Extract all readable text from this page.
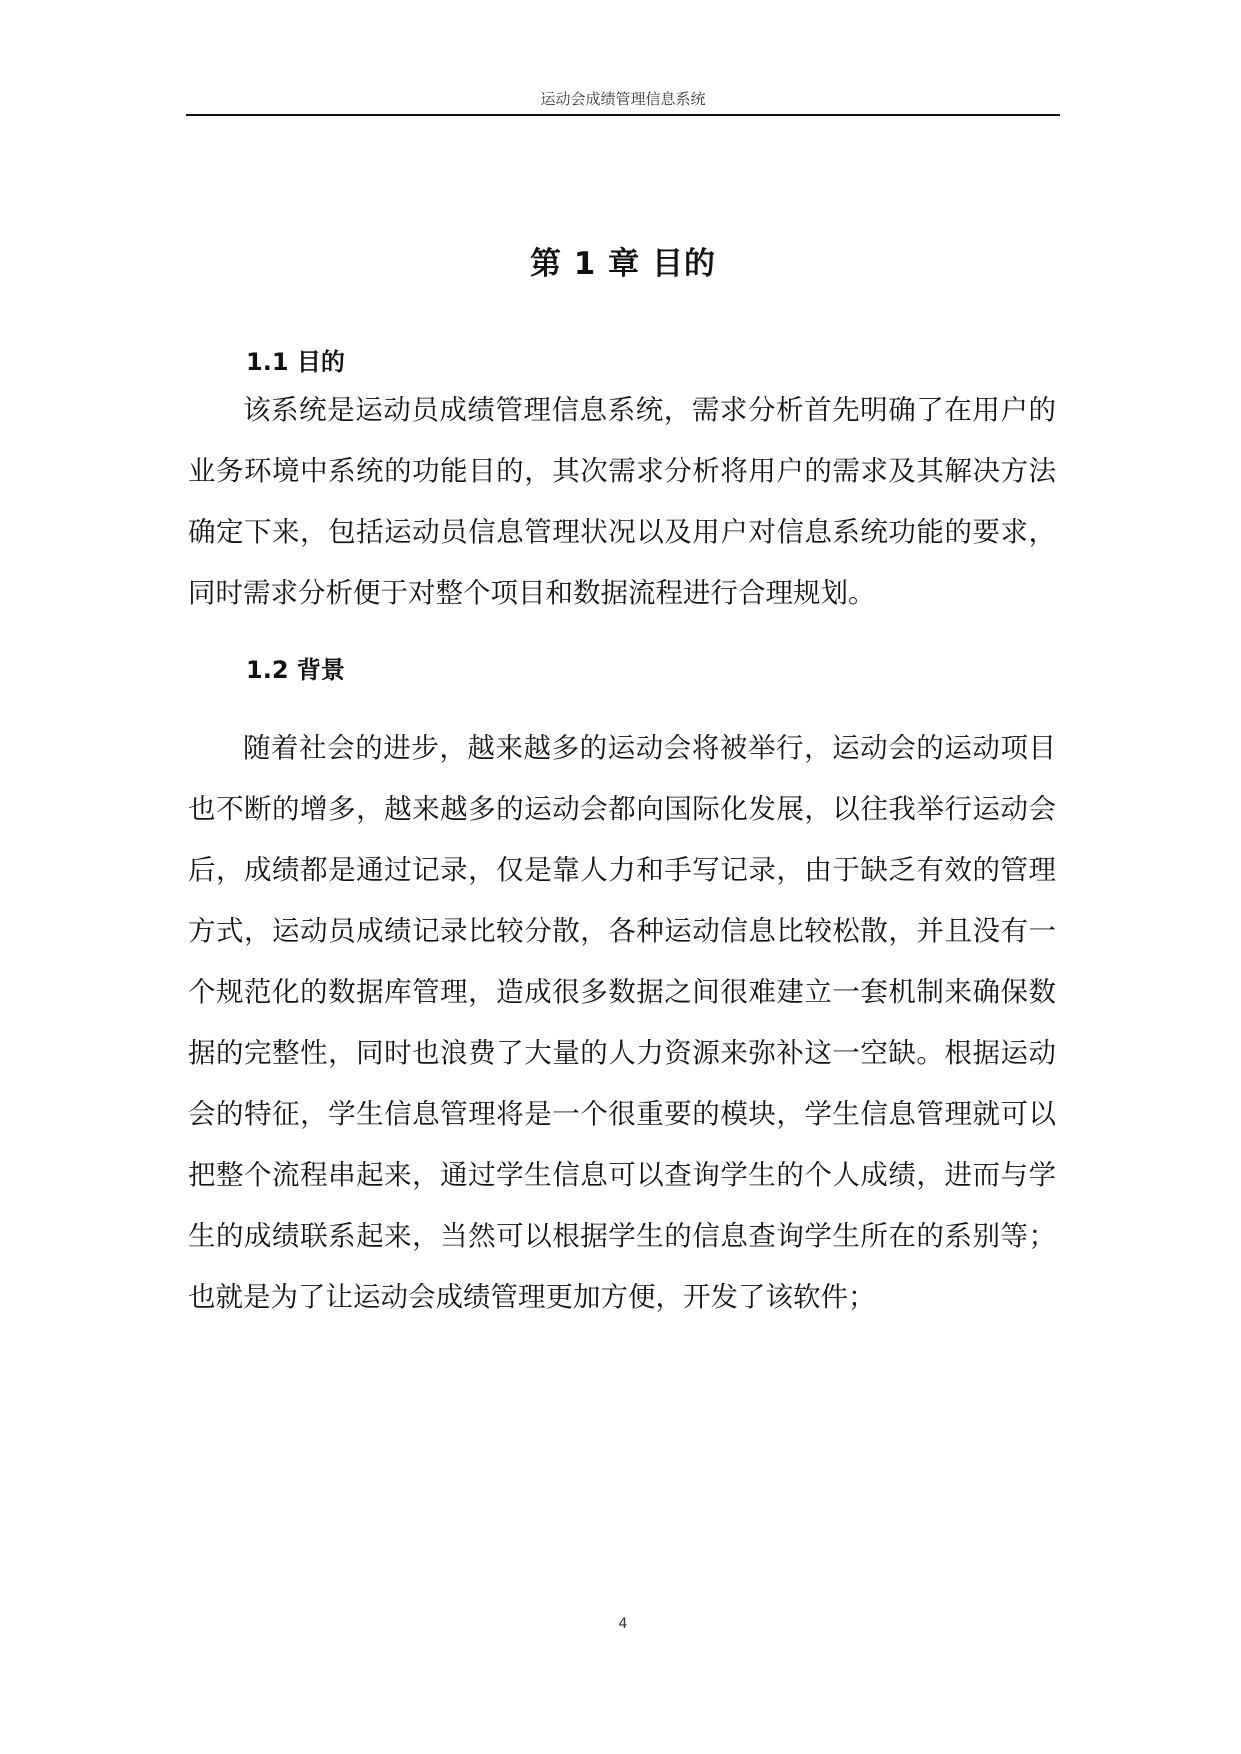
运动会成绩管理信息系统
第 1 章 目的
1.1 目的

该系统是运动员成绩管理信息系统，需求分析首先明确了在用户的业务环境中系统的功能目的，其次需求分析将用户的需求及其解决方法确定下来，包括运动员信息管理状况以及用户对信息系统功能的要求，同时需求分析便于对整个项目和数据流程进行合理规划。

1.2 背景

随着社会的进步，越来越多的运动会将被举行，运动会的运动项目也不断的增多，越来越多的运动会都向国际化发展，以往我举行运动会后，成绩都是通过记录，仅是靠人力和手写记录，由于缺乏有效的管理方式，运动员成绩记录比较分散，各种运动信息比较松散，并且没有一个规范化的数据库管理，造成很多数据之间很难建立一套机制来确保数据的完整性，同时也浪费了大量的人力资源来弥补这一空缺。根据运动会的特征，学生信息管理将是一个很重要的模块，学生信息管理就可以把整个流程串起来，通过学生信息可以查询学生的个人成绩，进而与学生的成绩联系起来，当然可以根据学生的信息查询学生所在的系别等；也就是为了让运动会成绩管理更加方便，开发了该软件；

4
